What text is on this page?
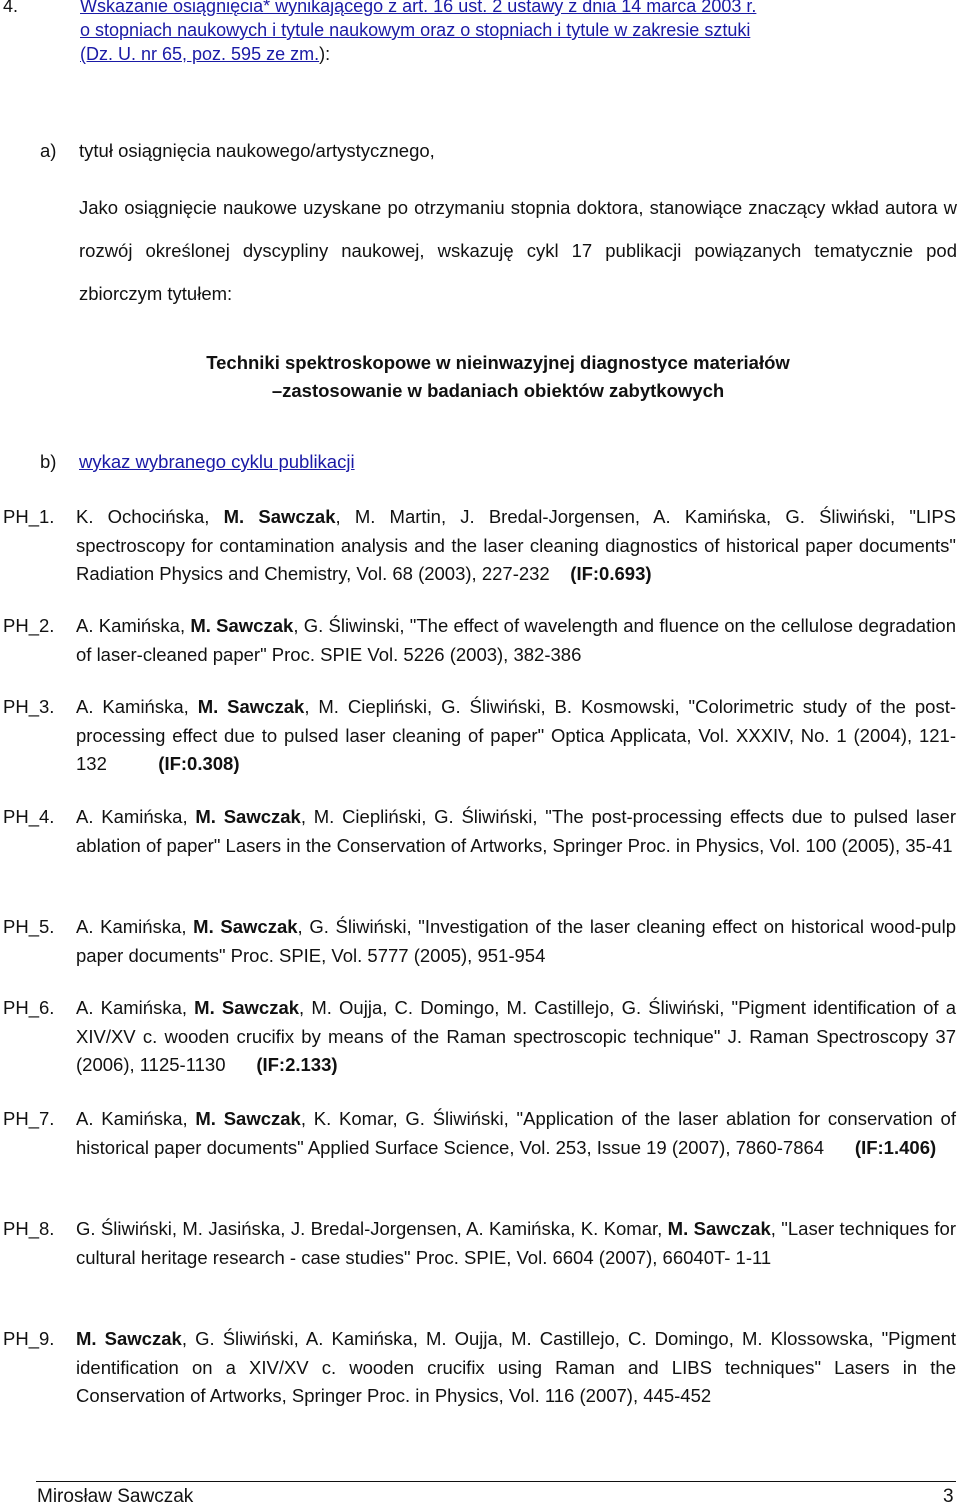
4.	Wskazanie osiągnięcia* wynikającego z art. 16 ust. 2 ustawy z dnia 14 marca 2003 r.
o stopniach naukowych i tytule naukowym oraz o stopniach i tytule w zakresie sztuki
(Dz. U. nr 65, poz. 595 ze zm.):
a) tytuł osiągnięcia naukowego/artystycznego,
Jako osiągnięcie naukowe uzyskane po otrzymaniu stopnia doktora, stanowiące znaczący wkład autora w rozwój określonej dyscypliny naukowej, wskazuję cykl 17 publikacji powiązanych tematycznie pod zbiorczym tytułem:
Techniki spektroskopowe w nieinwazyjnej diagnostyce materiałów
–zastosowanie w badaniach obiektów zabytkowych
b) wykaz wybranego cyklu publikacji
PH_1. K. Ochocińska, M. Sawczak, M. Martin, J. Bredal-Jorgensen, A. Kamińska, G. Śliwiński, "LIPS spectroscopy for contamination analysis and the laser cleaning diagnostics of historical paper documents" Radiation Physics and Chemistry, Vol. 68 (2003), 227-232 (IF:0.693)
PH_2. A. Kamińska, M. Sawczak, G. Śliwinski, "The effect of wavelength and fluence on the cellulose degradation of laser-cleaned paper" Proc. SPIE Vol. 5226 (2003), 382-386
PH_3. A. Kamińska, M. Sawczak, M. Ciepliński, G. Śliwiński, B. Kosmowski, "Colorimetric study of the post-processing effect due to pulsed laser cleaning of paper" Optica Applicata, Vol. XXXIV, No. 1 (2004), 121-132	(IF:0.308)
PH_4. A. Kamińska, M. Sawczak, M. Ciepliński, G. Śliwiński, "The post-processing effects due to pulsed laser ablation of paper" Lasers in the Conservation of Artworks, Springer Proc. in Physics, Vol. 100 (2005), 35-41
PH_5. A. Kamińska, M. Sawczak, G. Śliwiński, "Investigation of the laser cleaning effect on historical wood-pulp paper documents" Proc. SPIE, Vol. 5777 (2005), 951-954
PH_6. A. Kamińska, M. Sawczak, M. Oujja, C. Domingo, M. Castillejo, G. Śliwiński, "Pigment identification of a XIV/XV c. wooden crucifix by means of the Raman spectroscopic technique" J. Raman Spectroscopy 37 (2006), 1125-1130 (IF:2.133)
PH_7. A. Kamińska, M. Sawczak, K. Komar, G. Śliwiński, "Application of the laser ablation for conservation of historical paper documents" Applied Surface Science, Vol. 253, Issue 19 (2007), 7860-7864 (IF:1.406)
PH_8. G. Śliwiński, M. Jasińska, J. Bredal-Jorgensen, A. Kamińska, K. Komar, M. Sawczak, "Laser techniques for cultural heritage research - case studies" Proc. SPIE, Vol. 6604 (2007), 66040T- 1-11
PH_9. M. Sawczak, G. Śliwiński, A. Kamińska, M. Oujja, M. Castillejo, C. Domingo, M. Klossowska, "Pigment identification on a XIV/XV c. wooden crucifix using Raman and LIBS techniques" Lasers in the Conservation of Artworks, Springer Proc. in Physics, Vol. 116 (2007), 445-452
Mirosław Sawczak	3
